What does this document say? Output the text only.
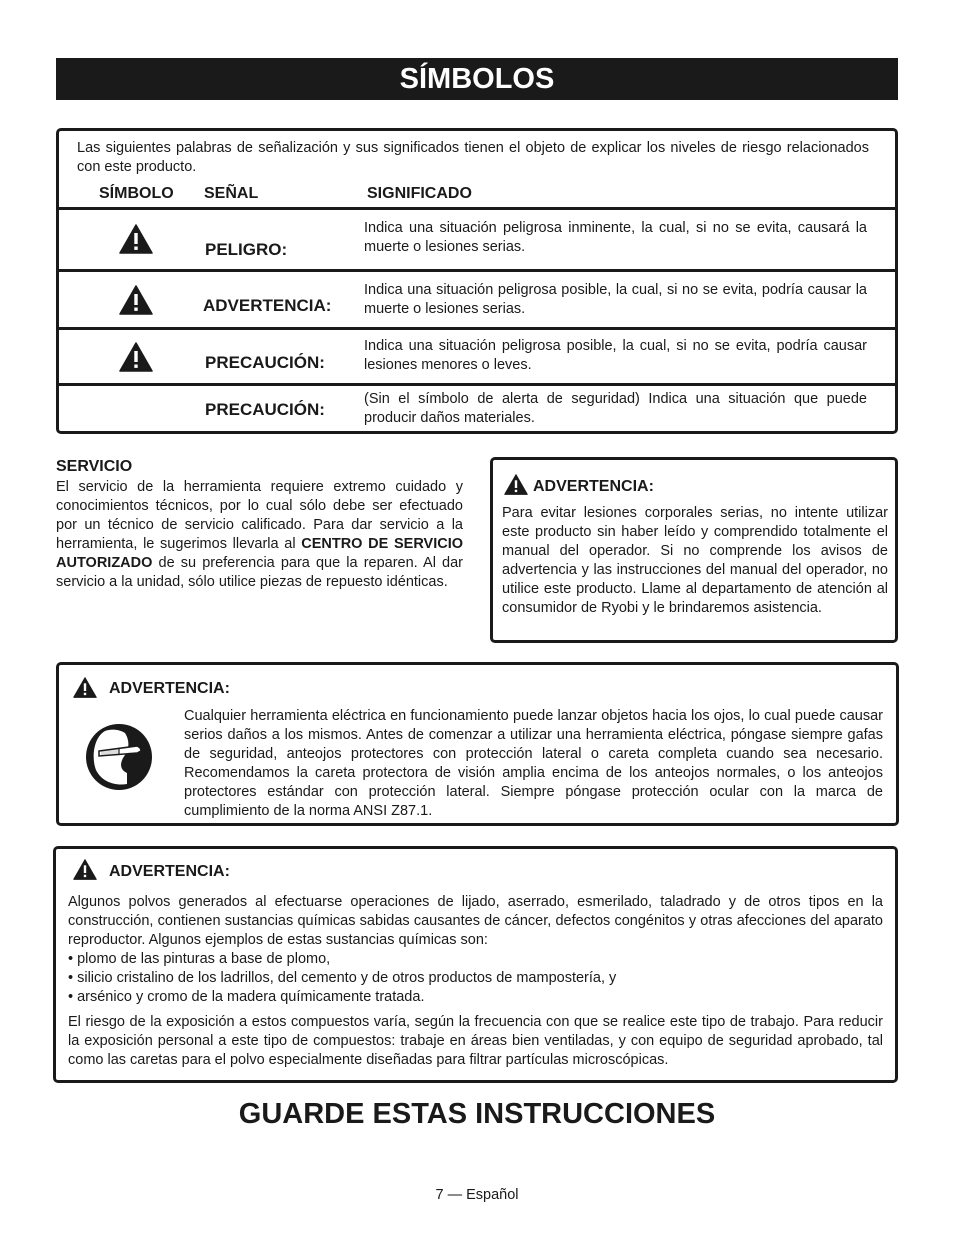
SÍMBOLOS
Las siguientes palabras de señalización y sus significados tienen el objeto de explicar los niveles de riesgo relacionados con este producto.
SÍMBOLO SEÑAL	SIGNIFICADO
PELIGRO:
Indica una situación peligrosa inminente, la cual, si no se evita, causará la muerte o lesiones serias.
ADVERTENCIA:
Indica una situación peligrosa posible, la cual, si no se evita, podría causar la muerte o lesiones serias.
PRECAUCIÓN:
Indica una situación peligrosa posible, la cual, si no se evita, podría causar lesiones menores o leves.
PRECAUCIÓN:
(Sin el símbolo de alerta de seguridad) Indica una situación que puede producir daños materiales.
SERVICIO
El servicio de la herramienta requiere extremo cuidado y conocimientos técnicos, por lo cual sólo debe ser efectuado por un técnico de servicio calificado. Para dar servicio a la herramienta, le sugerimos llevarla al CENTRO DE SERVICIO AUTORIZADO de su preferencia para que la reparen. Al dar servicio a la unidad, sólo utilice piezas de repuesto idénticas.
ADVERTENCIA:
Para evitar lesiones corporales serias, no intente utilizar este producto sin haber leído y comprendido totalmente el manual del operador. Si no comprende los avisos de advertencia y las instrucciones del manual del operador, no utilice este producto. Llame al departamento de atención al consumidor de Ryobi y le brindaremos asistencia.
ADVERTENCIA:
Cualquier herramienta eléctrica en funcionamiento puede lanzar objetos hacia los ojos, lo cual puede causar serios daños a los mismos. Antes de comenzar a utilizar una herramienta eléctrica, póngase siempre gafas de seguridad, anteojos protectores con protección lateral o careta completa cuando sea necesario. Recomendamos la careta protectora de visión amplia encima de los anteojos normales, o los anteojos protectores estándar con protección lateral. Siempre póngase protección ocular con la marca de cumplimiento de la norma ANSI Z87.1.
ADVERTENCIA:

Algunos polvos generados al efectuarse operaciones de lijado, aserrado, esmerilado, taladrado y de otros tipos en la construcción, contienen sustancias químicas sabidas causantes de cáncer, defectos congénitos y otras afecciones del aparato reproductor. Algunos ejemplos de estas sustancias químicas son:

• plomo de las pinturas a base de plomo,

• silicio cristalino de los ladrillos, del cemento y de otros productos de mampostería, y

• arsénico y cromo de la madera químicamente tratada.

El riesgo de la exposición a estos compuestos varía, según la frecuencia con que se realice este tipo de trabajo. Para reducir la exposición personal a este tipo de compuestos: trabaje en áreas bien ventiladas, y con equipo de seguridad aprobado, tal como las caretas para el polvo especialmente diseñadas para filtrar partículas microscópicas.

GUARDE ESTAS INSTRUCCIONES
7 — Español
